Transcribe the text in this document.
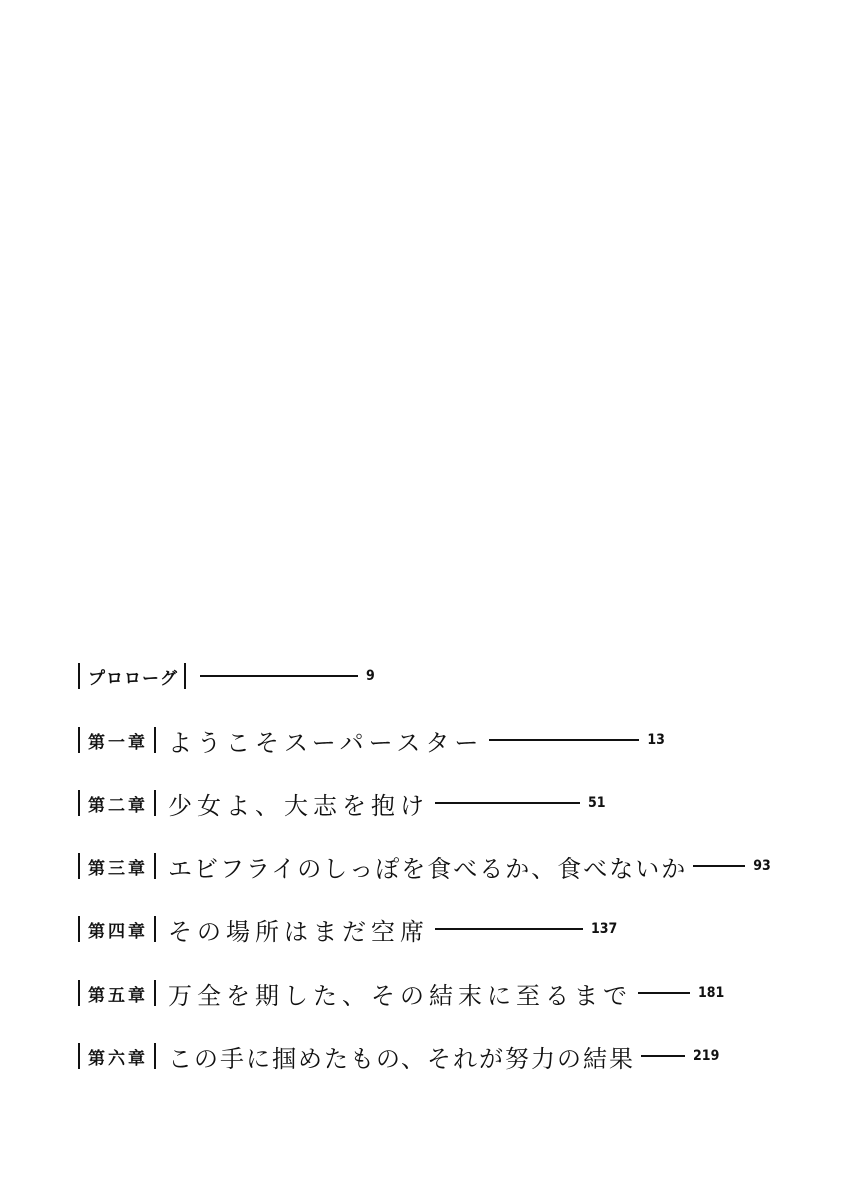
プロローグ	9
第一章 ようこそスーパースター	13
第二章 少女よ、大志を抱け	51
第三章 エビフライのしっぽを食べるか、食べないか	93
第四章 その場所はまだ空席	137
第五章 万全を期した、その結末に至るまで	181
第六章 この手に掴めたもの、それが努力の結果	219
